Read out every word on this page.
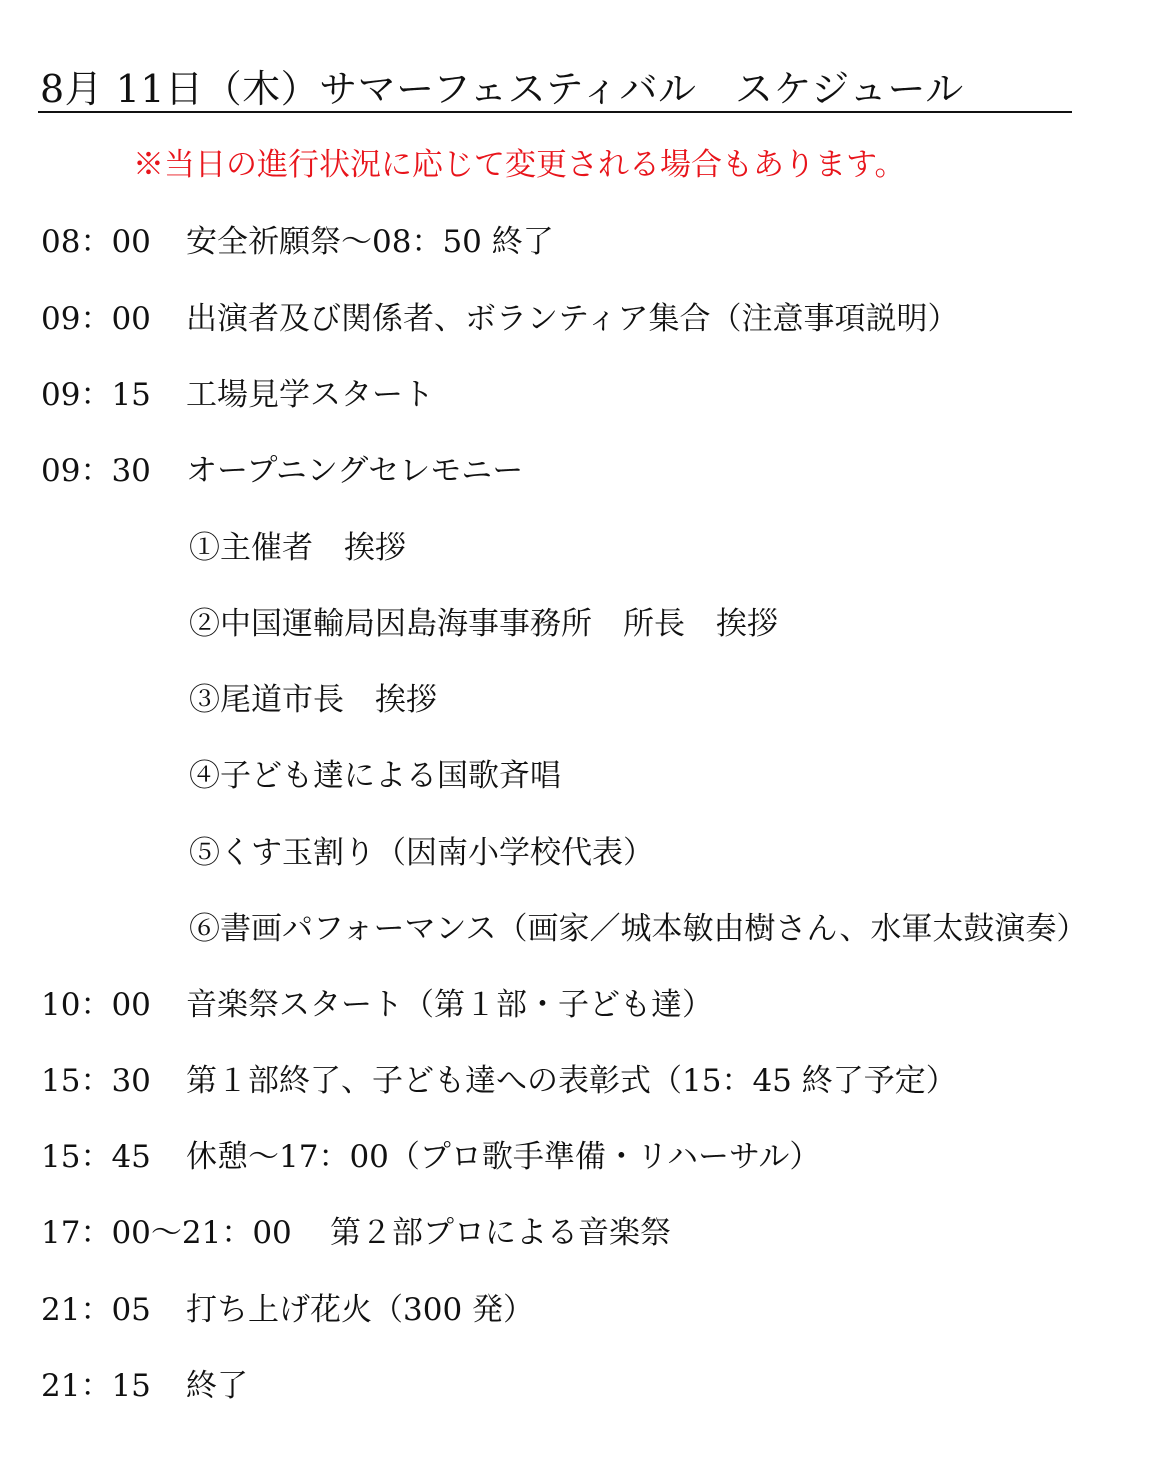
8月 11日（木）サマーフェスティバル　スケジュール
※当日の進行状況に応じて変更される場合もあります。
08：00 安全祈願祭～08：50 終了
09：00 出演者及び関係者、ボランティア集合（注意事項説明）
09：15 工場見学スタート
09：30 オープニングセレモニー
①主催者　挨拶
②中国運輸局因島海事事務所　所長　挨拶
③尾道市長　挨拶
④子ども達による国歌斉唱
⑤くす玉割り（因南小学校代表）
⑥書画パフォーマンス（画家／城本敏由樹さん、水軍太鼓演奏）
10：00 音楽祭スタート（第１部・子ども達）
15：30 第１部終了、子ども達への表彰式（15：45 終了予定）
15：45 休憩～17：00（プロ歌手準備・リハーサル）
17：00～21：00 第２部プロによる音楽祭
21：05 打ち上げ花火（300 発）
21：15 終了
